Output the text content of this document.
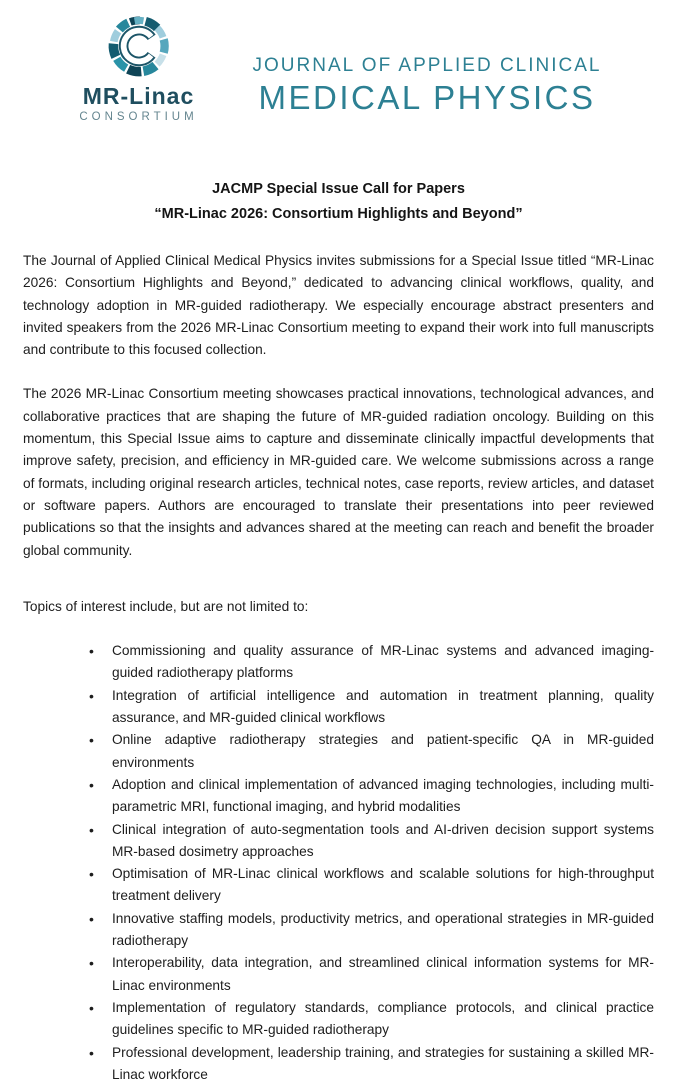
MR-Linac
CONSORTIUM
JOURNAL OF APPLIED CLINICAL
MEDICAL PHYSICS
JACMP Special Issue Call for Papers
“MR-Linac 2026: Consortium Highlights and Beyond”

The Journal of Applied Clinical Medical Physics invites submissions for a Special Issue titled “MR-Linac 2026: Consortium Highlights and Beyond,” dedicated to advancing clinical workflows, quality, and technology adoption in MR-guided radiotherapy. We especially encourage abstract presenters and invited speakers from the 2026 MR-Linac Consortium meeting to expand their work into full manuscripts and contribute to this focused collection.

The 2026 MR-Linac Consortium meeting showcases practical innovations, technological advances, and collaborative practices that are shaping the future of MR-guided radiation oncology. Building on this momentum, this Special Issue aims to capture and disseminate clinically impactful developments that improve safety, precision, and efficiency in MR-guided care. We welcome submissions across a range of formats, including original research articles, technical notes, case reports, review articles, and dataset or software papers. Authors are encouraged to translate their presentations into peer reviewed publications so that the insights and advances shared at the meeting can reach and benefit the broader global community.

Topics of interest include, but are not limited to:

• Commissioning and quality assurance of MR-Linac systems and advanced imaging-guided radiotherapy platforms
• Integration of artificial intelligence and automation in treatment planning, quality assurance, and MR-guided clinical workflows
• Online adaptive radiotherapy strategies and patient-specific QA in MR-guided environments
• Adoption and clinical implementation of advanced imaging technologies, including multi-parametric MRI, functional imaging, and hybrid modalities
• Clinical integration of auto-segmentation tools and AI-driven decision support systems MR-based dosimetry approaches
• Optimisation of MR-Linac clinical workflows and scalable solutions for high-throughput treatment delivery
• Innovative staffing models, productivity metrics, and operational strategies in MR-guided radiotherapy
• Interoperability, data integration, and streamlined clinical information systems for MR-Linac environments
• Implementation of regulatory standards, compliance protocols, and clinical practice guidelines specific to MR-guided radiotherapy
• Professional development, leadership training, and strategies for sustaining a skilled MR-Linac workforce
